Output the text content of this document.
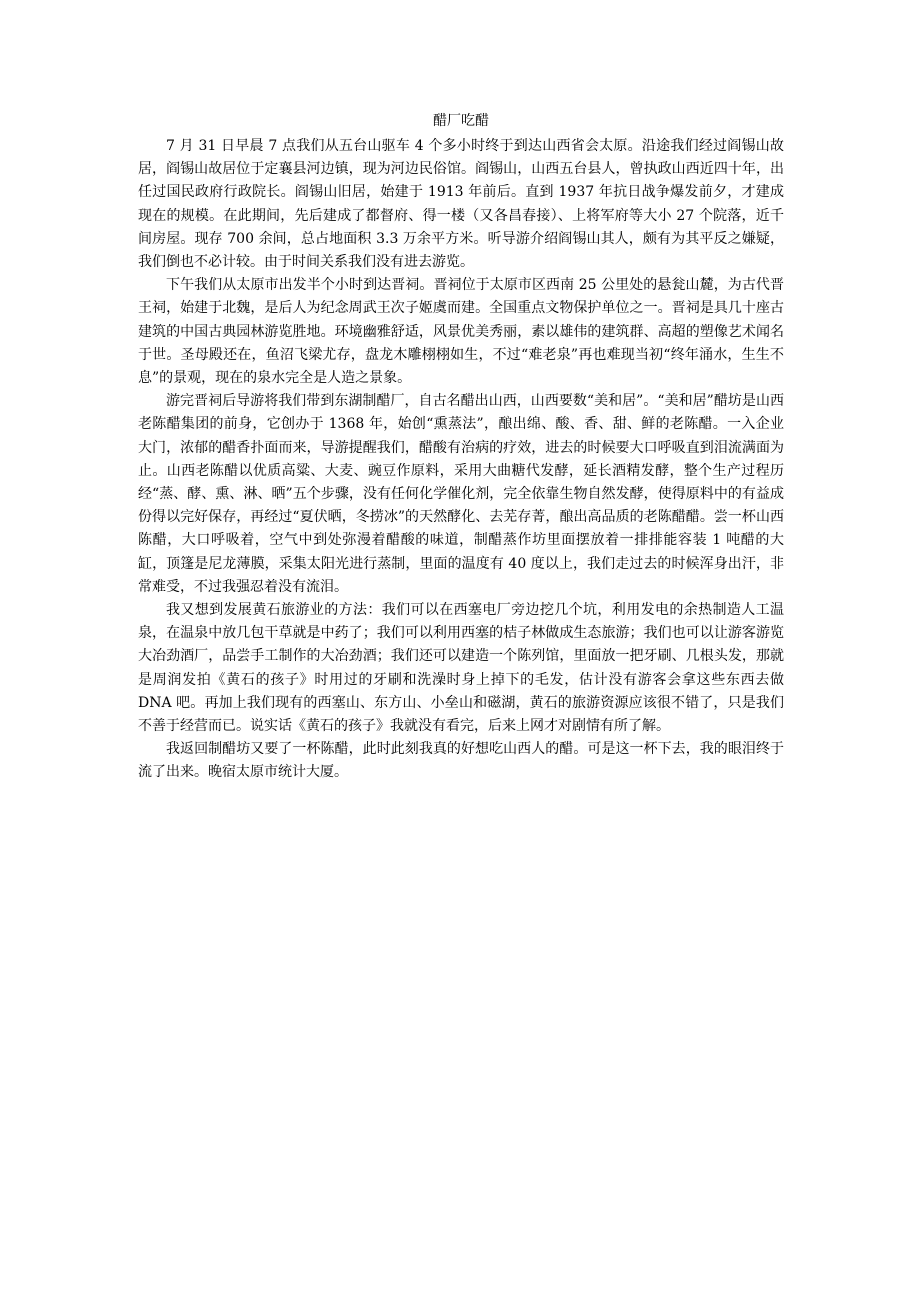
醋厂吃醋

7 月 31 日早晨 7 点我们从五台山驱车 4 个多小时终于到达山西省会太原。沿途我们经过阎锡山故居，阎锡山故居位于定襄县河边镇，现为河边民俗馆。阎锡山，山西五台县人，曾执政山西近四十年，出任过国民政府行政院长。阎锡山旧居，始建于 1913 年前后。直到 1937 年抗日战争爆发前夕，才建成现在的规模。在此期间，先后建成了都督府、得一楼（又各昌春接）、上将军府等大小 27 个院落，近千间房屋。现存 700 余间，总占地面积 3.3 万余平方米。听导游介绍阎锡山其人，颇有为其平反之嫌疑，我们倒也不必计较。由于时间关系我们没有进去游览。

下午我们从太原市出发半个小时到达晋祠。晋祠位于太原市区西南 25 公里处的悬瓮山麓，为古代晋王祠，始建于北魏，是后人为纪念周武王次子姬虞而建。全国重点文物保护单位之一。晋祠是具几十座古建筑的中国古典园林游览胜地。环境幽雅舒适，风景优美秀丽，素以雄伟的建筑群、高超的塑像艺术闻名于世。圣母殿还在，鱼沼飞梁尤存，盘龙木雕栩栩如生，不过“难老泉”再也难现当初“终年涌水，生生不息”的景观，现在的泉水完全是人造之景象。

游完晋祠后导游将我们带到东湖制醋厂，自古名醋出山西，山西要数“美和居”。“美和居”醋坊是山西老陈醋集团的前身，它创办于 1368 年，始创“熏蒸法”，酿出绵、酸、香、甜、鲜的老陈醋。一入企业大门，浓郁的醋香扑面而来，导游提醒我们，醋酸有治病的疗效，进去的时候要大口呼吸直到泪流满面为止。山西老陈醋以优质高粱、大麦、豌豆作原料，采用大曲糖代发酵，延长酒精发酵，整个生产过程历经“蒸、酵、熏、淋、晒”五个步骤，没有任何化学催化剂，完全依靠生物自然发酵，使得原料中的有益成份得以完好保存，再经过“夏伏晒，冬捞冰”的天然酵化、去芜存菁，酿出高品质的老陈醋醋。尝一杯山西陈醋，大口呼吸着，空气中到处弥漫着醋酸的味道，制醋蒸作坊里面摆放着一排排能容装 1 吨醋的大缸，顶篷是尼龙薄膜，采集太阳光进行蒸制，里面的温度有 40 度以上，我们走过去的时候浑身出汗，非常难受，不过我强忍着没有流泪。

我又想到发展黄石旅游业的方法：我们可以在西塞电厂旁边挖几个坑，利用发电的余热制造人工温泉，在温泉中放几包干草就是中药了；我们可以利用西塞的桔子林做成生态旅游；我们也可以让游客游览大冶劲酒厂，品尝手工制作的大冶劲酒；我们还可以建造一个陈列馆，里面放一把牙刷、几根头发，那就是周润发拍《黄石的孩子》时用过的牙刷和洗澡时身上掉下的毛发，估计没有游客会拿这些东西去做 DNA 吧。再加上我们现有的西塞山、东方山、小垒山和磁湖，黄石的旅游资源应该很不错了，只是我们不善于经营而已。说实话《黄石的孩子》我就没有看完，后来上网才对剧情有所了解。

我返回制醋坊又要了一杯陈醋，此时此刻我真的好想吃山西人的醋。可是这一杯下去，我的眼泪终于流了出来。晚宿太原市统计大厦。
